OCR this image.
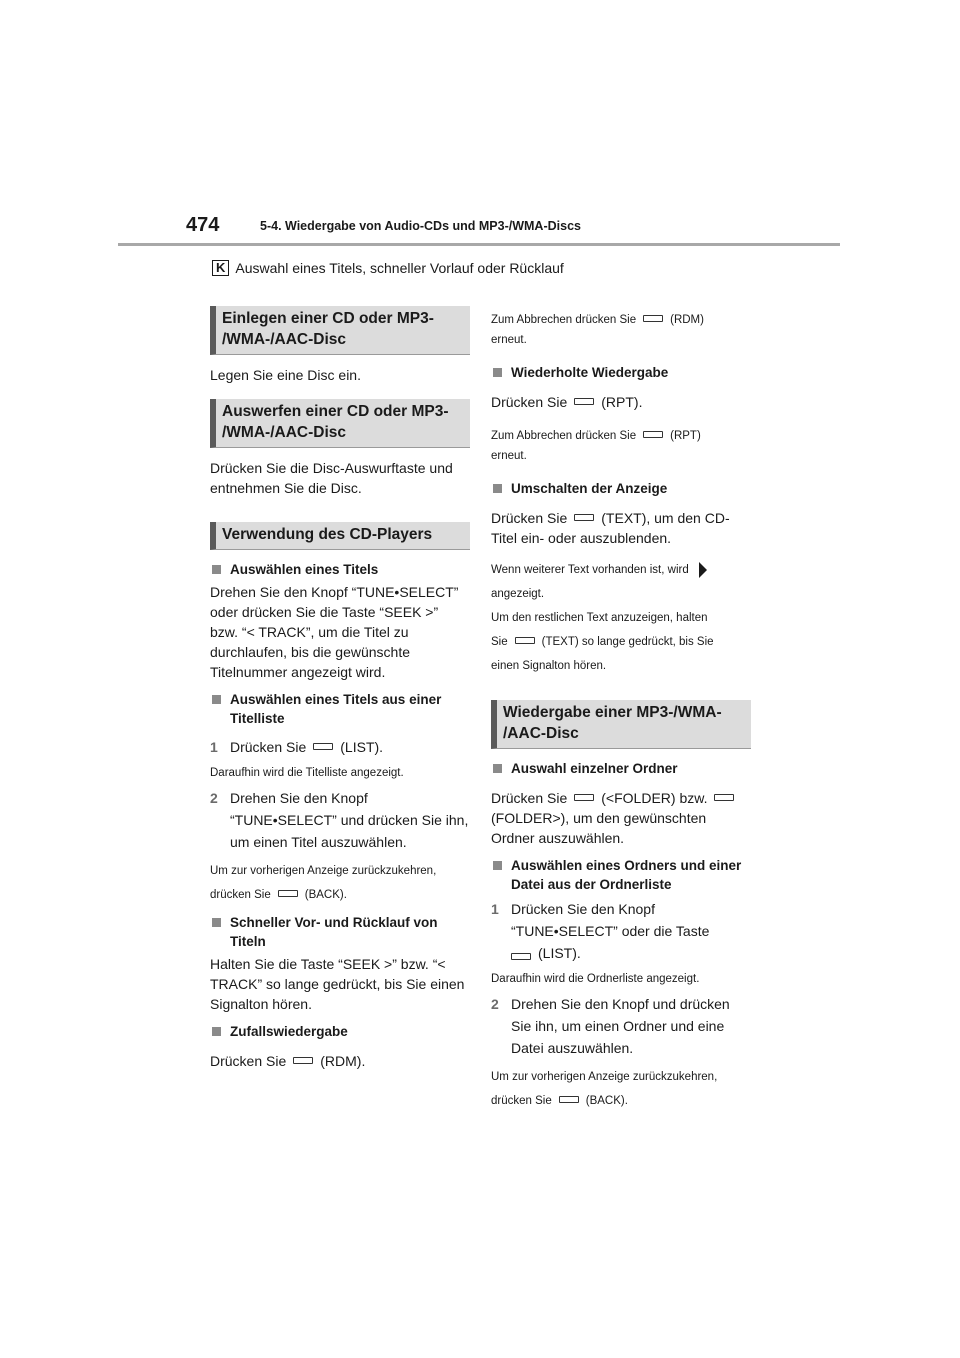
474	5-4. Wiedergabe von Audio-CDs und MP3-/WMA-Discs
K Auswahl eines Titels, schneller Vorlauf oder Rücklauf
Einlegen einer CD oder MP3- /WMA-/AAC-Disc
Legen Sie eine Disc ein.
Auswerfen einer CD oder MP3- /WMA-/AAC-Disc
Drücken Sie die Disc-Auswurftaste und entnehmen Sie die Disc.
Verwendung des CD-Players
Auswählen eines Titels
Drehen Sie den Knopf “TUNE•SELECT” oder drücken Sie die Taste “SEEK >” bzw. “< TRACK”, um die Titel zu durchlaufen, bis die gewünschte Titelnummer angezeigt wird.
Auswählen eines Titels aus einer Titelliste
1 Drücken Sie (LIST).
Daraufhin wird die Titelliste angezeigt.
2 Drehen Sie den Knopf “TUNE•SELECT” und drücken Sie ihn, um einen Titel auszuwählen.
Um zur vorherigen Anzeige zurückzukehren,
drücken Sie	(BACK).
Schneller Vor- und Rücklauf von Titeln
Halten Sie die Taste “SEEK >” bzw. “< TRACK” so lange gedrückt, bis Sie einen Signalton hören.
Zufallswiedergabe
Drücken Sie (RDM).
Zum Abbrechen drücken Sie	(RDM)
erneut.
Wiederholte Wiedergabe
Drücken Sie (RPT).
Zum Abbrechen drücken Sie	(RPT)
erneut.
Umschalten der Anzeige
Drücken Sie (TEXT), um den CD-Titel ein- oder auszublenden.
Wenn weiterer Text vorhanden ist, wird
angezeigt.
Um den restlichen Text anzuzeigen, halten
Sie	(TEXT) so lange gedrückt, bis Sie
einen Signalton hören.
Wiedergabe einer MP3-/WMA- /AAC-Disc
Auswahl einzelner Ordner
Drücken Sie (<FOLDER) bzw. (FOLDER>), um den gewünschten Ordner auszuwählen.
Auswählen eines Ordners und einer Datei aus der Ordnerliste
1 Drücken Sie den Knopf “TUNE•SELECT” oder die Taste
(LIST).
Daraufhin wird die Ordnerliste angezeigt.
2 Drehen Sie den Knopf und drücken Sie ihn, um einen Ordner und eine Datei auszuwählen.
Um zur vorherigen Anzeige zurückzukehren,
drücken Sie	(BACK).
